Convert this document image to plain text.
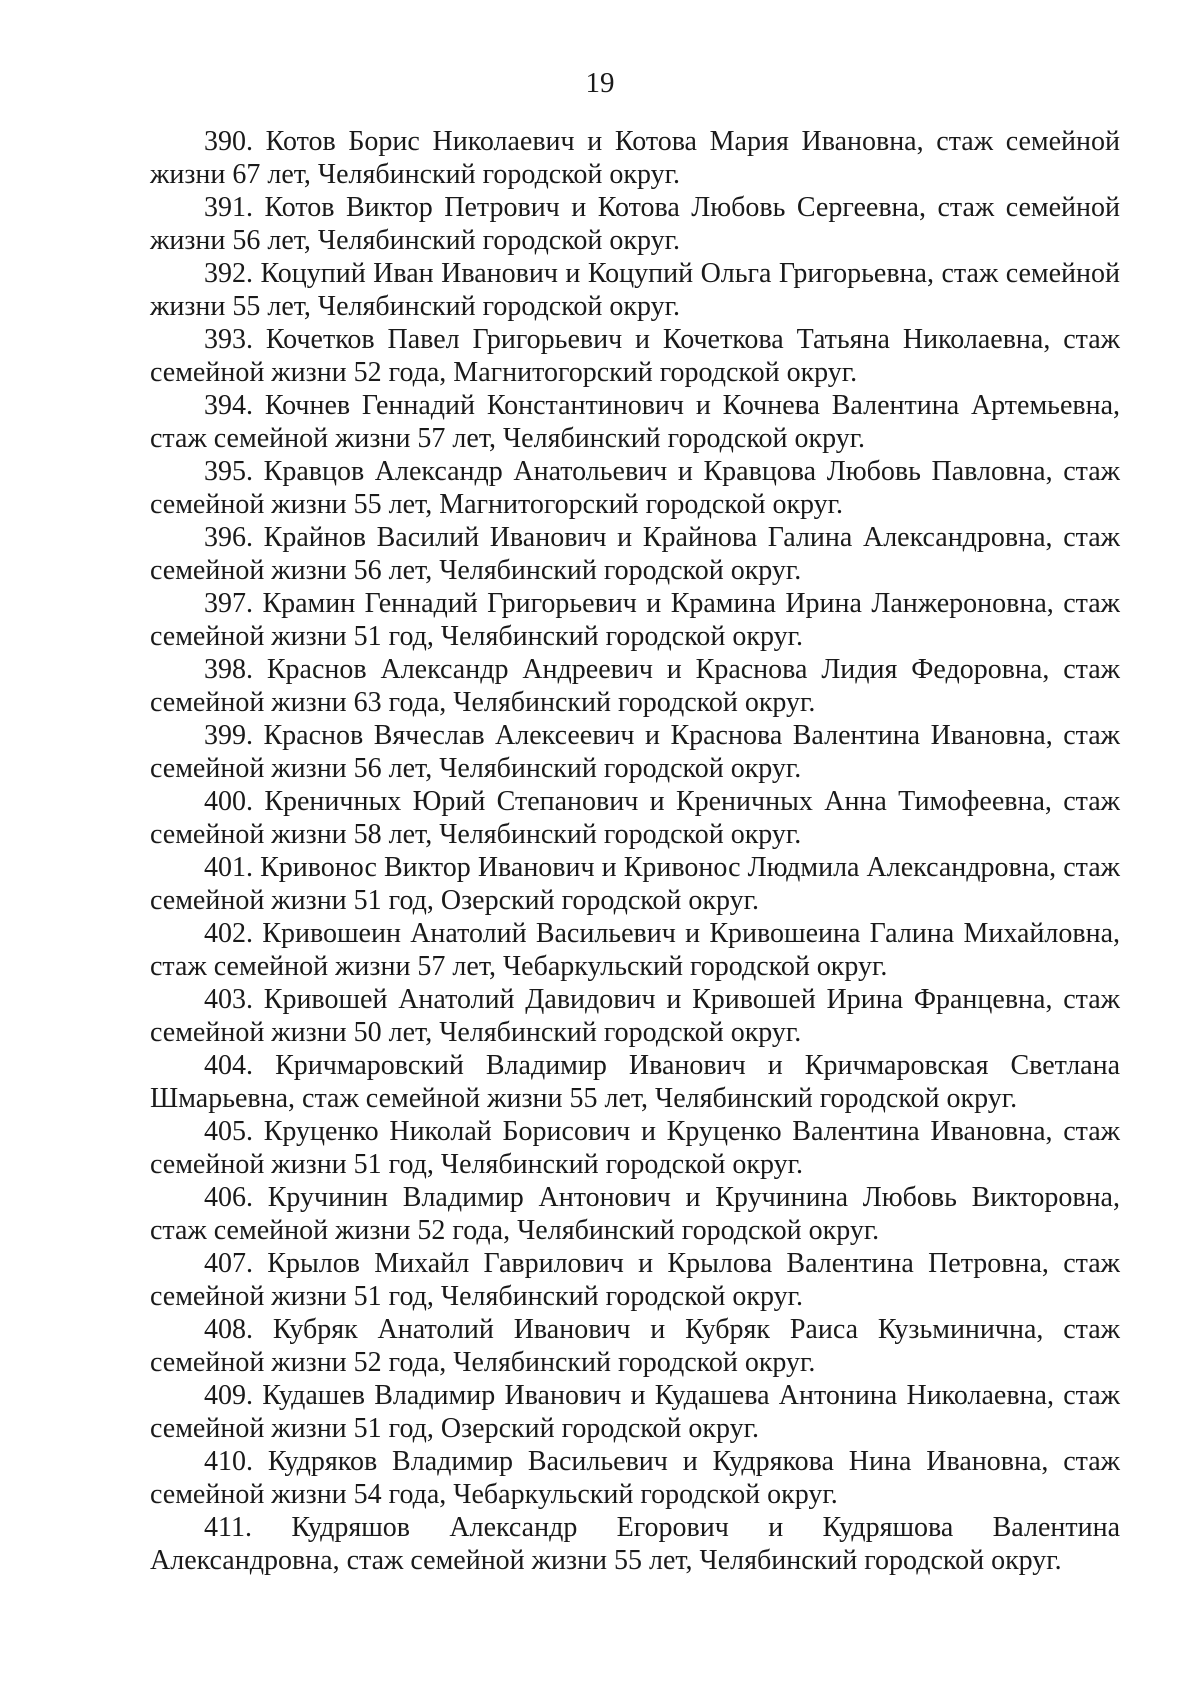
19

390. Котов Борис Николаевич и Котова Мария Ивановна, стаж семейной жизни 67 лет, Челябинский городской округ.

391. Котов Виктор Петрович и Котова Любовь Сергеевна, стаж семейной жизни 56 лет, Челябинский городской округ.

392. Коцупий Иван Иванович и Коцупий Ольга Григорьевна, стаж семейной жизни 55 лет, Челябинский городской округ.

393. Кочетков Павел Григорьевич и Кочеткова Татьяна Николаевна, стаж семейной жизни 52 года, Магнитогорский городской округ.

394. Кочнев Геннадий Константинович и Кочнева Валентина Артемьевна, стаж семейной жизни 57 лет, Челябинский городской округ.

395. Кравцов Александр Анатольевич и Кравцова Любовь Павловна, стаж семейной жизни 55 лет, Магнитогорский городской округ.

396. Крайнов Василий Иванович и Крайнова Галина Александровна, стаж семейной жизни 56 лет, Челябинский городской округ.

397. Крамин Геннадий Григорьевич и Крамина Ирина Ланжероновна, стаж семейной жизни 51 год, Челябинский городской округ.

398. Краснов Александр Андреевич и Краснова Лидия Федоровна, стаж семейной жизни 63 года, Челябинский городской округ.

399. Краснов Вячеслав Алексеевич и Краснова Валентина Ивановна, стаж семейной жизни 56 лет, Челябинский городской округ.

400. Креничных Юрий Степанович и Креничных Анна Тимофеевна, стаж семейной жизни 58 лет, Челябинский городской округ.

401. Кривонос Виктор Иванович и Кривонос Людмила Александровна, стаж семейной жизни 51 год, Озерский городской округ.

402. Кривошеин Анатолий Васильевич и Кривошеина Галина Михайловна, стаж семейной жизни 57 лет, Чебаркульский городской округ.

403. Кривошей Анатолий Давидович и Кривошей Ирина Францевна, стаж семейной жизни 50 лет, Челябинский городской округ.

404. Кричмаровский Владимир Иванович и Кричмаровская Светлана Шмарьевна, стаж семейной жизни 55 лет, Челябинский городской округ.

405. Круценко Николай Борисович и Круценко Валентина Ивановна, стаж семейной жизни 51 год, Челябинский городской округ.

406. Кручинин Владимир Антонович и Кручинина Любовь Викторовна, стаж семейной жизни 52 года, Челябинский городской округ.

407. Крылов Михайл Гаврилович и Крылова Валентина Петровна, стаж семейной жизни 51 год, Челябинский городской округ.

408. Кубряк Анатолий Иванович и Кубряк Раиса Кузьминична, стаж семейной жизни 52 года, Челябинский городской округ.

409. Кудашев Владимир Иванович и Кудашева Антонина Николаевна, стаж семейной жизни 51 год, Озерский городской округ.

410. Кудряков Владимир Васильевич и Кудрякова Нина Ивановна, стаж семейной жизни 54 года, Чебаркульский городской округ.

411. Кудряшов Александр Егорович и Кудряшова Валентина Александровна, стаж семейной жизни 55 лет, Челябинский городской округ.
